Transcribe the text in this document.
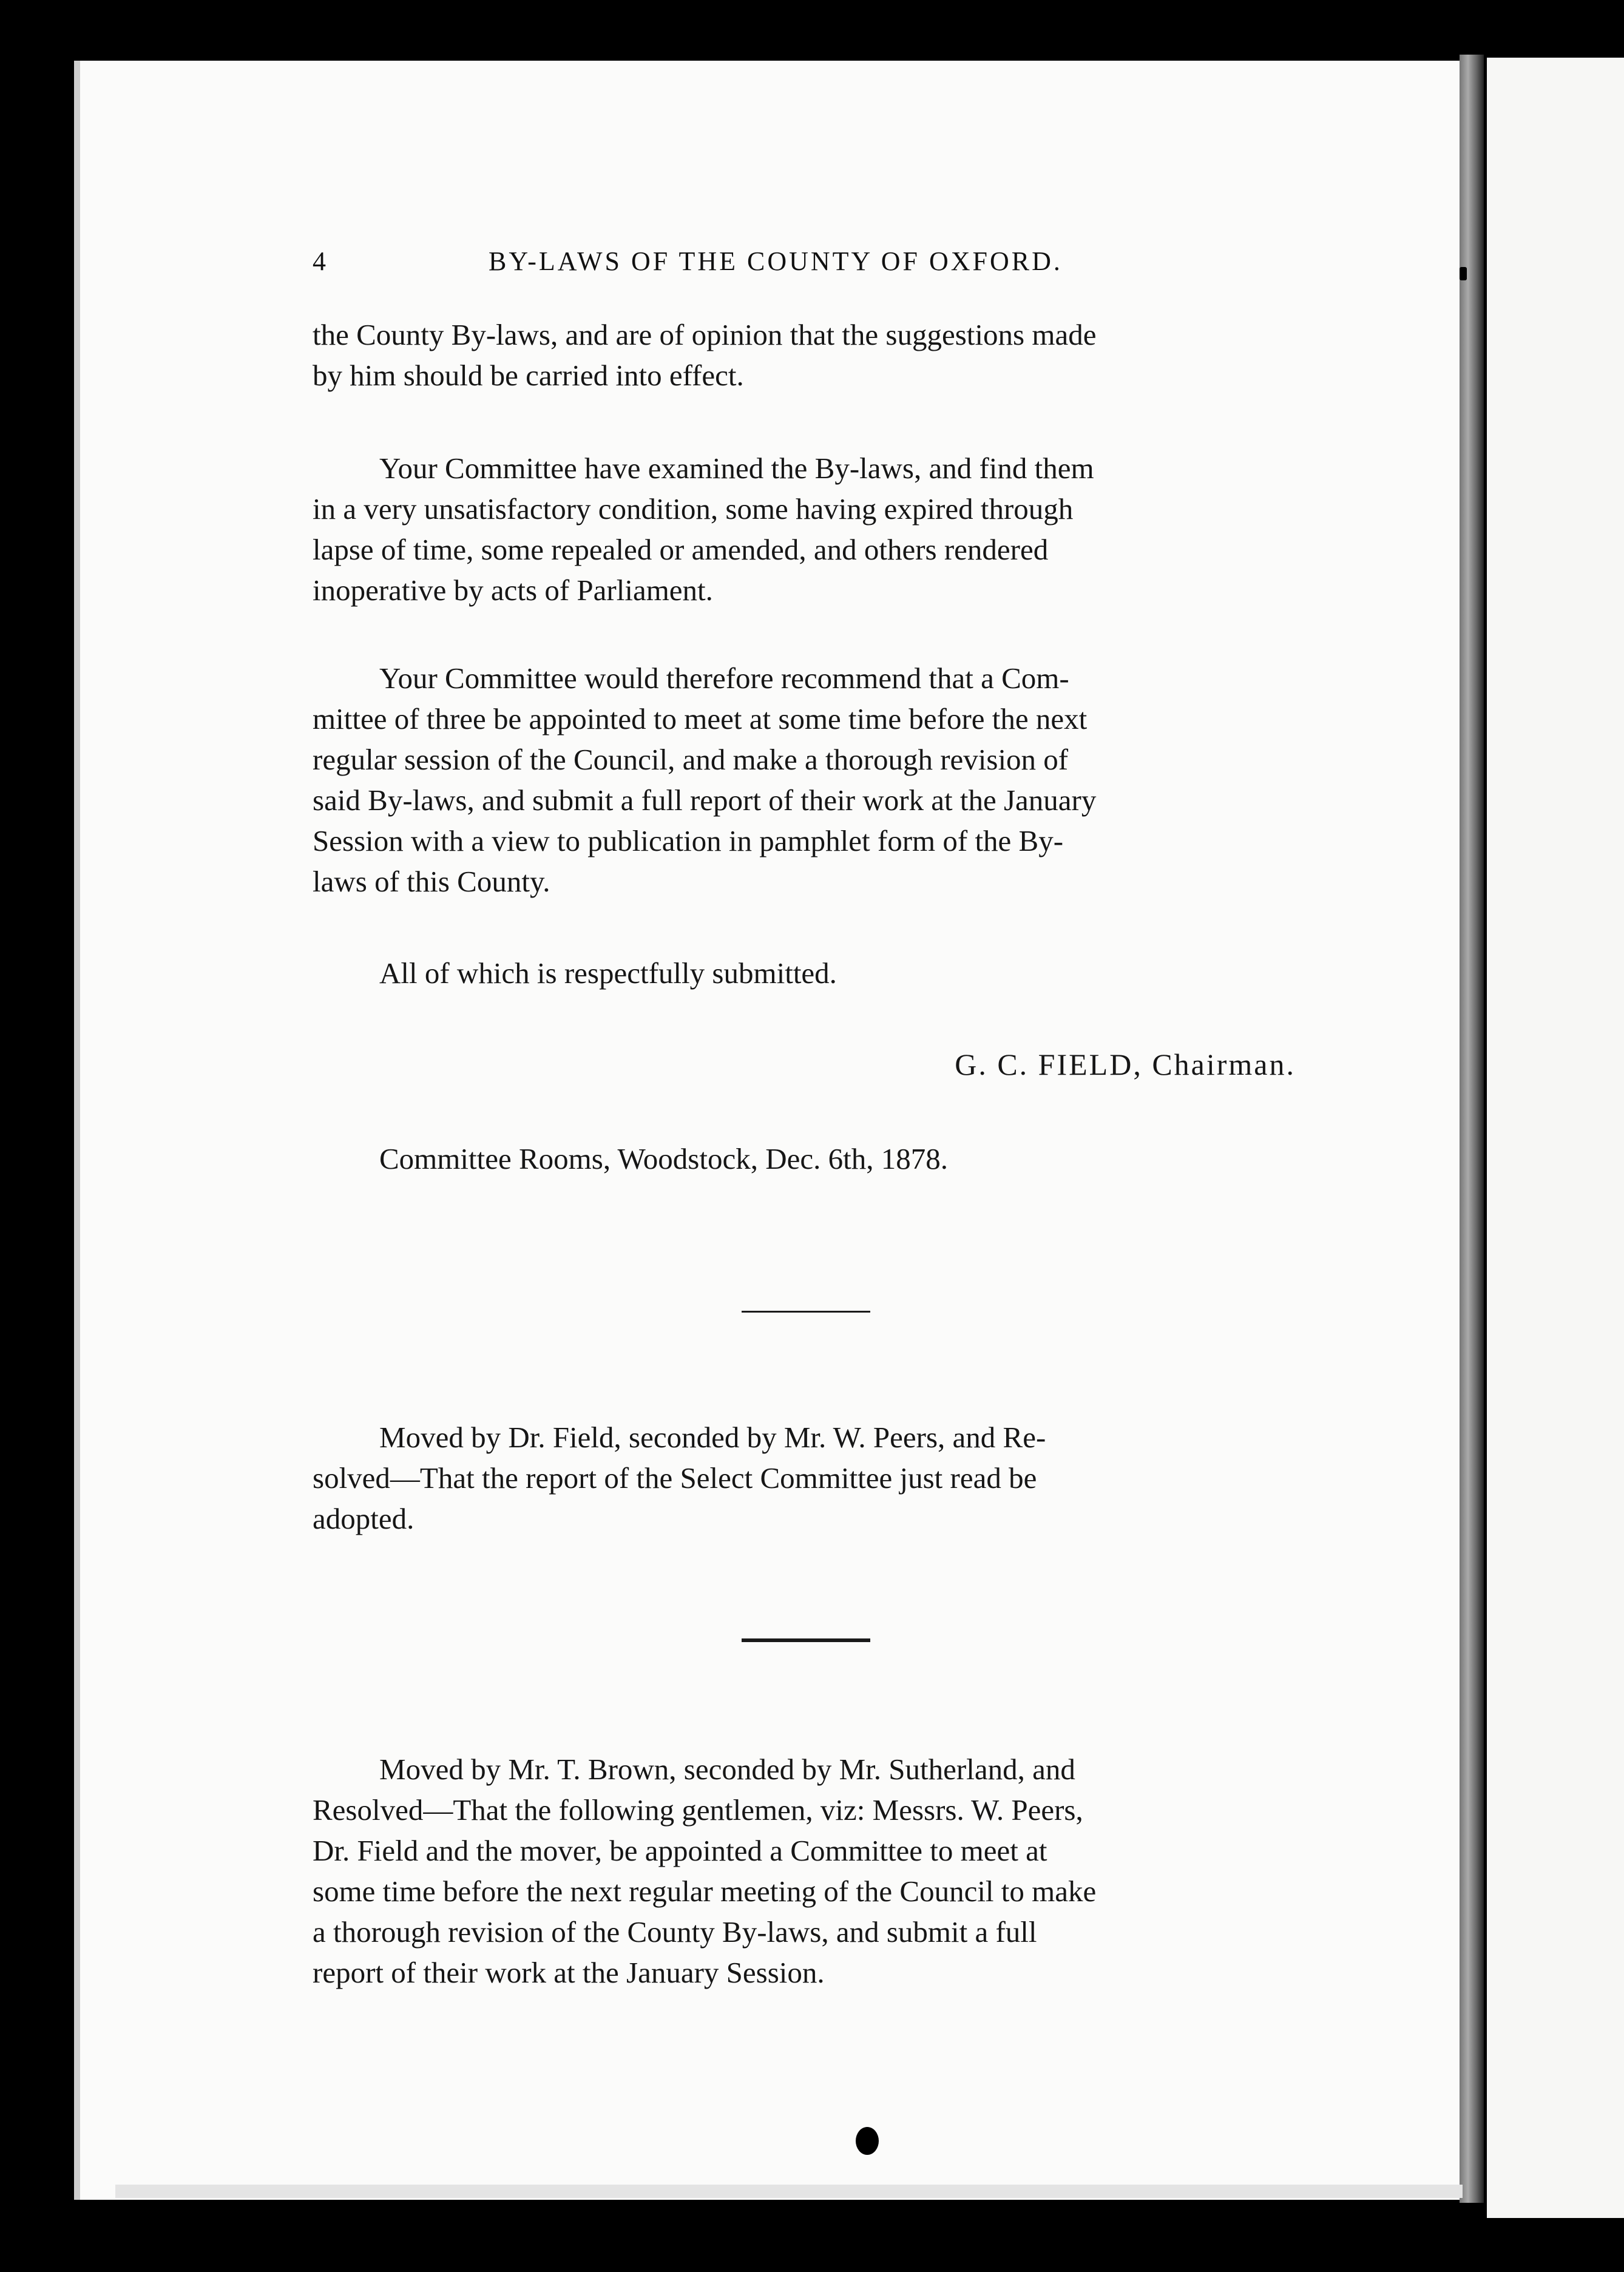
4	BY-LAWS OF THE COUNTY OF OXFORD.

the County By-laws, and are of opinion that the suggestions made
by him should be carried into effect.

Your Committee have examined the By-laws, and find them
in a very unsatisfactory condition, some having expired through
lapse of time, some repealed or amended, and others rendered
inoperative by acts of Parliament.

Your Committee would therefore recommend that a Com-
mittee of three be appointed to meet at some time before the next
regular session of the Council, and make a thorough revision of
said By-laws, and submit a full report of their work at the January
Session with a view to publication in pamphlet form of the By-
laws of this County.

All of which is respectfully submitted.

G. C. FIELD, Chairman.

Committee Rooms, Woodstock, Dec. 6th, 1878.

Moved by Dr. Field, seconded by Mr. W. Peers, and Re-
solved—That the report of the Select Committee just read be
adopted.

Moved by Mr. T. Brown, seconded by Mr. Sutherland, and
Resolved—That the following gentlemen, viz: Messrs. W. Peers,
Dr. Field and the mover, be appointed a Committee to meet at
some time before the next regular meeting of the Council to make
a thorough revision of the County By-laws, and submit a full
report of their work at the January Session.
